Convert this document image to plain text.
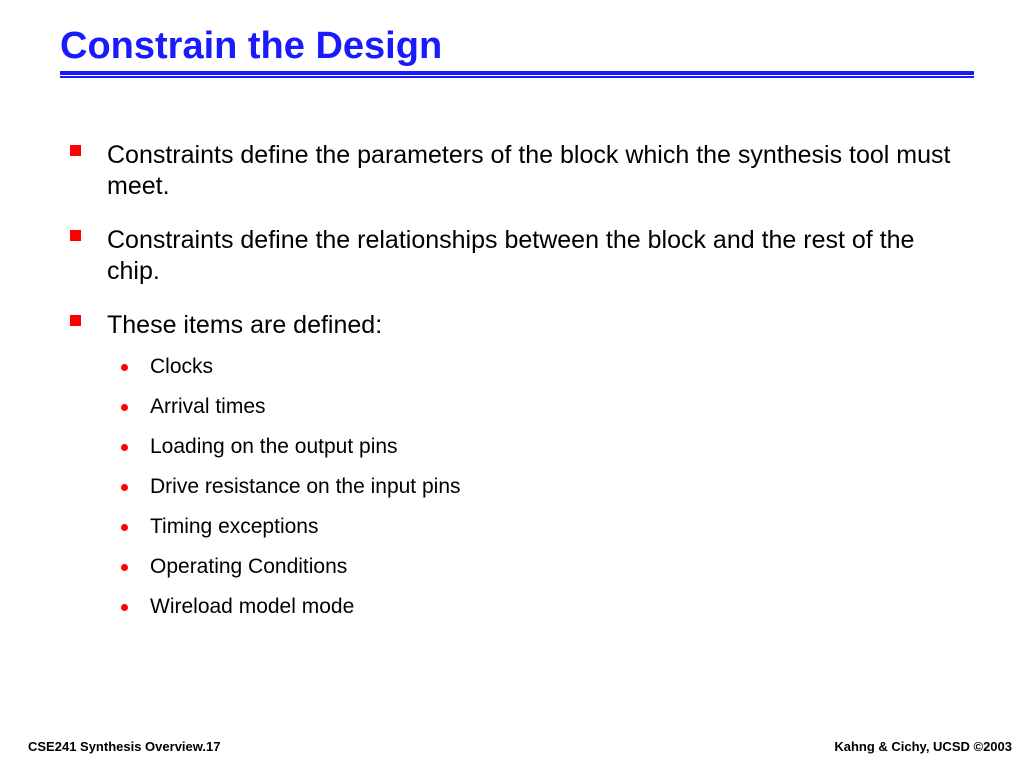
Constrain the Design
Constraints define the parameters of the block which the synthesis tool must meet.
Constraints define the relationships between the block and the rest of the chip.
These items are defined:
Clocks
Arrival times
Loading on the output pins
Drive resistance on the input pins
Timing exceptions
Operating Conditions
Wireload model mode
CSE241 Synthesis Overview.17	Kahng & Cichy, UCSD ©2003
